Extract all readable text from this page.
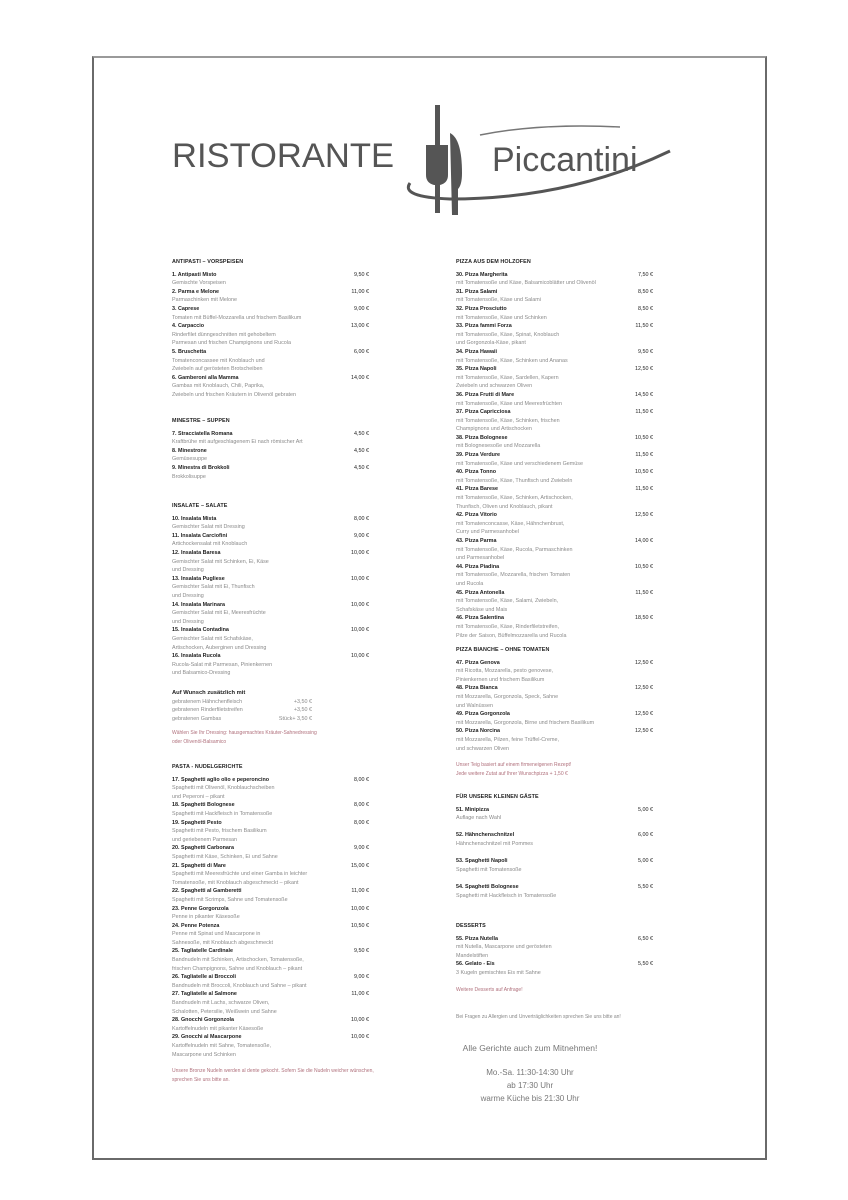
RISTORANTE	Piccantini
ANTIPASTI – VORSPEISEN
1. Antipasti Misto	9,50 €
Gemischte Vorspeisen
2. Parma e Melone	11,00 €
Parmaschinken mit Melone
3. Caprese	9,00 €
Tomaten mit Büffel-Mozzarella und frischem Basilikum
4. Carpaccio	13,00 €
Rinderfilet dünngeschnitten mit gehobeltem
Parmesan und frischen Champignons und Rucola
5. Bruschetta	6,00 €
Tomatenconcassee mit Knoblauch und
Zwiebeln auf gerösteten Brotscheiben
6. Gamberoni alla Mamma	14,00 €
Gambas mit Knoblauch, Chili, Paprika,
Zwiebeln und frischen Kräutern in Olivenöl gebraten
MINESTRE – SUPPEN
7. Stracciatella Romana	4,50 €
Kraftbrühe mit aufgeschlagenem Ei nach römischer Art
8. Minestrone	4,50 €
Gemüsesuppe
9. Minestra di Brokkoli	4,50 €
Brokkolisuppe
INSALATE – SALATE
10. Insalata Mista	8,00 €
Gemischter Salat mit Dressing
11. Insalata Carciofini	9,00 €
Artichockensalat mit Knoblauch
12. Insalata Baresa	10,00 €
Gemischter Salat mit Schinken, Ei, Käse
und Dressing
13. Insalata Pugliese	10,00 €
Gemischter Salat mit Ei, Thunfisch
und Dressing
14. Insalata Marinara	10,00 €
Gemischter Salat mit Ei, Meeresfrüchte
und Dressing
15. Insalata Contadina	10,00 €
Gemischter Salat mit Schafskäse,
Artischocken, Auberginen und Dressing
16. Insalata Rucola	10,00 €
Rucola-Salat mit Parmesan, Pinienkernen
und Balsamico-Dressing
Auf Wunsch zusätzlich mit
gebratenem Hähnchenfleisch	+3,50 €
gebratenen Rinderfiletstreifen	+3,50 €
gebratenen Gambas	Stück+ 3,50 €
Wählen Sie Ihr Dressing: hausgemachtes Kräuter-Sahnedressing
oder Olivenöl-Balsamico
PASTA - NUDELGERICHTE
17. Spaghetti aglio olio e peperoncino	8,00 €
Spaghetti mit Olivenöl, Knoblauchscheiben
und Peperoni – pikant
18. Spaghetti Bolognese	8,00 €
Spaghetti mit Hackfleisch in Tomatensoße
19. Spaghetti Pesto	8,00 €
Spaghetti mit Pesto, frischem Basilikum
und geriebenem Parmesan
20. Spaghetti Carbonara	9,00 €
Spaghetti mit Käse, Schinken, Ei und Sahne
21. Spaghetti di Mare	15,00 €
Spaghetti mit Meeresfrüchte und einer Gamba in leichter
Tomatensoße, mit Knoblauch abgeschmeckt – pikant
22. Spaghetti al Gamberetti	11,00 €
Spaghetti mit Scrimps, Sahne und Tomatensoße
23. Penne Gorgonzola	10,00 €
Penne in pikanter Käsesoße
24. Penne Potenza	10,50 €
Penne mit Spinat und Mascarpone in
Sahnesoße, mit Knoblauch abgeschmeckt
25. Tagliatelle Cardinale	9,50 €
Bandnudeln mit Schinken, Artischocken, Tomatensoße,
frischen Champignons, Sahne und Knoblauch – pikant
26. Tagliatelle ai Broccoli	9,00 €
Bandnudeln mit Broccoli, Knoblauch und Sahne – pikant
27. Tagliatelle al Salmone	11,00 €
Bandnudeln mit Lachs, schwarze Oliven,
Schalotten, Petersilie, Weißwein und Sahne
28. Gnocchi Gorgonzola	10,00 €
Kartoffelnudeln mit pikanter Käsesoße
29. Gnocchi al Mascarpone	10,00 €
Kartoffelnudeln mit Sahne, Tomatensoße,
Mascarpone und Schinken
Unsere Bronze Nudeln werden al dente gekocht. Sofern Sie die Nudeln weicher wünschen,
sprechen Sie uns bitte an.
PIZZA AUS DEM HOLZOFEN
30. Pizza Margherita	7,50 €
mit Tomatensoße und Käse, Balsamicoblätter und Olivenöl
31. Pizza Salami	8,50 €
mit Tomatensoße, Käse und Salami
32. Pizza Prosciutto	8,50 €
mit Tomatensoße, Käse und Schinken
33. Pizza fammi Forza	11,50 €
mit Tomatensoße, Käse, Spinat, Knoblauch
und Gorgonzola-Käse, pikant
34. Pizza Hawaii	9,50 €
mit Tomatensoße, Käse, Schinken und Ananas
35. Pizza Napoli	12,50 €
mit Tomatensoße, Käse, Sardellen, Kapern
Zwiebeln und schwarzen Oliven
36. Pizza Frutti di Mare	14,50 €
mit Tomatensoße, Käse und Meeresfrüchten
37. Pizza Capricciosa	11,50 €
mit Tomatensoße, Käse, Schinken, frischen
Champignons und Artischocken
38. Pizza Bolognese	10,50 €
mit Bolognesesoße und Mozzarella
39. Pizza Verdure	11,50 €
mit Tomatensoße, Käse und verschiedenem Gemüse
40. Pizza Tonno	10,50 €
mit Tomatensoße, Käse, Thunfisch und Zwiebeln
41. Pizza Barese	11,50 €
mit Tomatensoße, Käse, Schinken, Artischocken,
Thunfisch, Oliven und Knoblauch, pikant
42. Pizza Vitorio	12,50 €
mit Tomatenconcasse, Käse, Hähnchenbrust,
Curry und Parmesanhobel
43. Pizza Parma	14,00 €
mit Tomatensoße, Käse, Rucola, Parmaschinken
und Parmesanhobel
44. Pizza Piadina	10,50 €
mit Tomatensoße, Mozzarella, frischen Tomaten
und Rucola
45. Pizza Antonella	11,50 €
mit Tomatensoße, Käse, Salami, Zwiebeln,
Schafskäse und Mais
46. Pizza Salentina	18,50 €
mit Tomatensoße, Käse, Rinderfiletstreifen,
Pilze der Saison, Büffelmozzarella und Rucola
PIZZA BIANCHE – OHNE TOMATEN
47. Pizza Genova	12,50 €
mit Ricotta, Mozzarella, pesto genovese,
Pinienkernen und frischem Basilikum
48. Pizza Bianca	12,50 €
mit Mozzarella, Gorgonzola, Speck, Sahne
und Walnüssen
49. Pizza Gorgonzola	12,50 €
mit Mozzarella, Gorgonzola, Birne und frischem Basilikum
50. Pizza Norcina	12,50 €
mit Mozzarella, Pilzen, feine Trüffel-Creme,
und schwarzen Oliven
Unser Teig basiert auf einem firmeneigenen Rezept!
Jede weitere Zutat auf Ihrer Wunschpizza + 1,50 €
FÜR UNSERE KLEINEN GÄSTE
51. Minipizza	5,00 €
Auflage nach Wahl
52. Hähnchenschnitzel	6,00 €
Hähnchenschnitzel mit Pommes
53. Spaghetti Napoli	5,00 €
Spaghetti mit Tomatensoße
54. Spaghetti Bolognese	5,50 €
Spaghetti mit Hackfleisch in Tomatensoße
DESSERTS
55. Pizza Nutella	6,50 €
mit Nutella, Mascarpone und gerösteten
Mandelstiften
56. Gelato - Eis	5,50 €
3 Kugeln gemischtes Eis mit Sahne
Weitere Desserts auf Anfrage!
Bei Fragen zu Allergien und Unverträglichkeiten sprechen Sie uns bitte an!
Alle Gerichte auch zum Mitnehmen!
Mo.-Sa. 11:30-14:30 Uhr
ab 17:30 Uhr
warme Küche bis 21:30 Uhr
